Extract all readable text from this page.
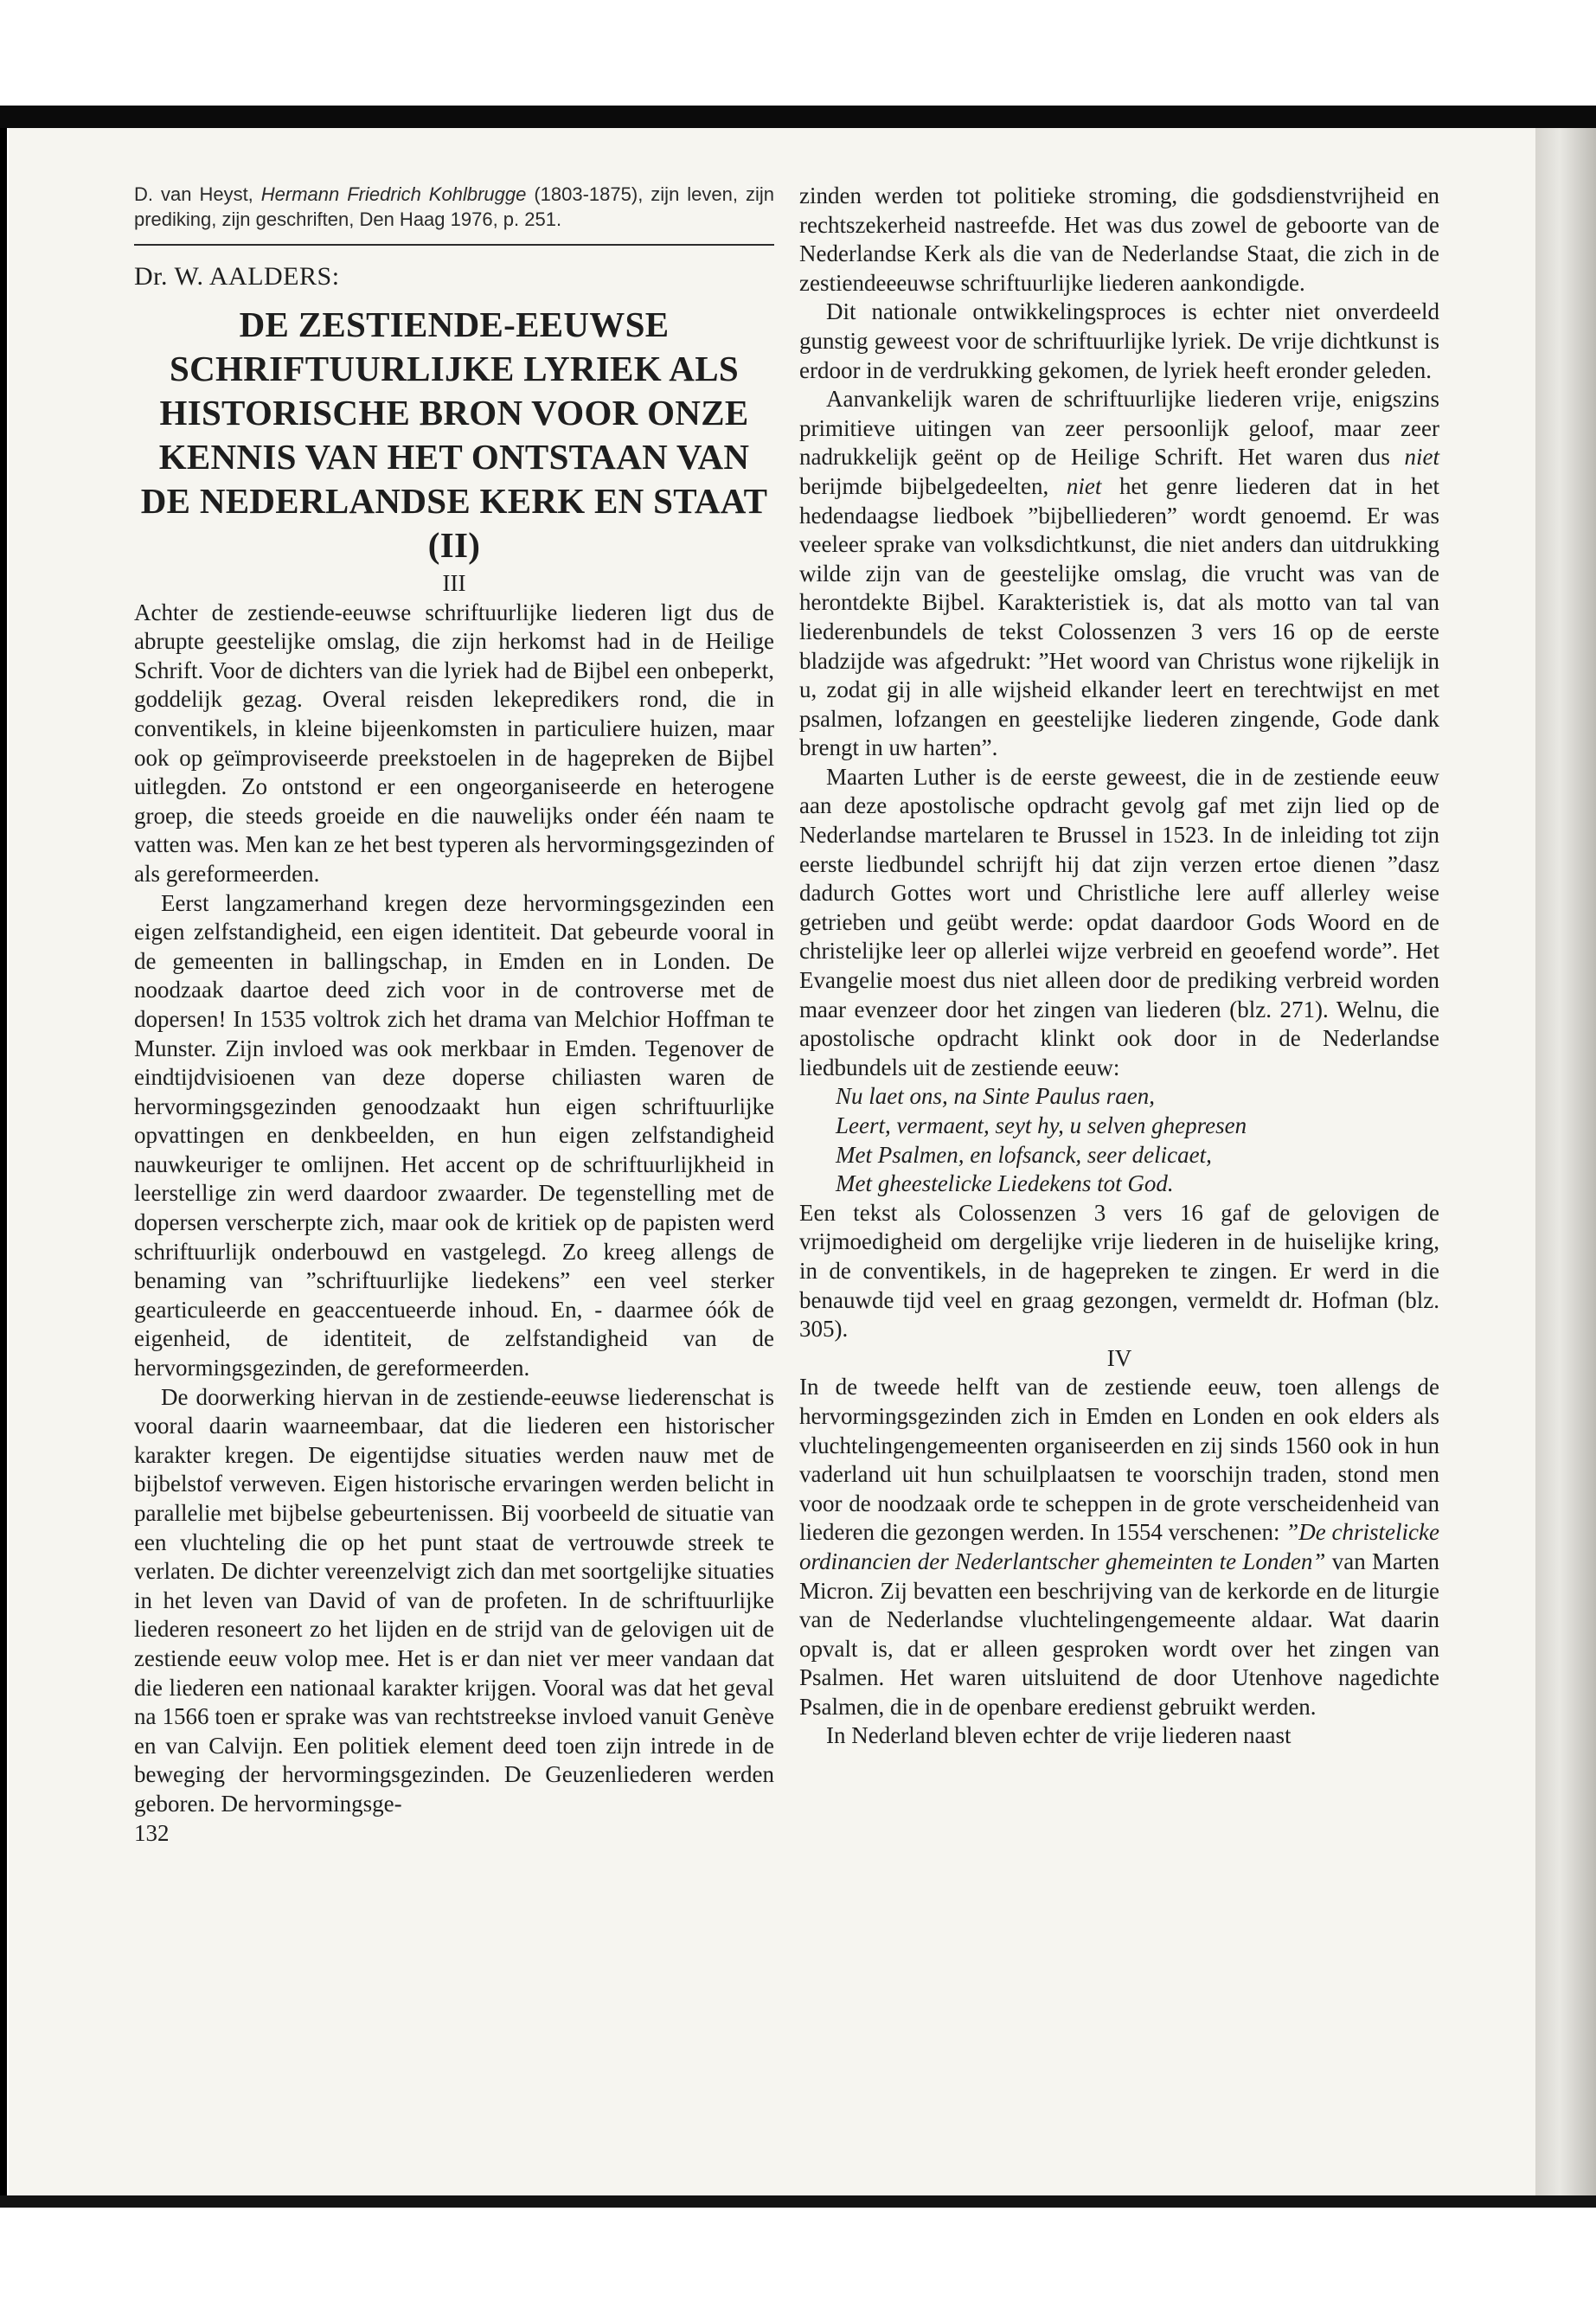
D. van Heyst, Hermann Friedrich Kohlbrugge (1803-1875), zijn leven, zijn prediking, zijn geschriften, Den Haag 1976, p. 251.

Dr. W. AALDERS:
DE ZESTIENDE-EEUWSE SCHRIFTUURLIJKE LYRIEK ALS HISTORISCHE BRON VOOR ONZE KENNIS VAN HET ONTSTAAN VAN DE NEDERLANDSE KERK EN STAAT (II)
III

Achter de zestiende-eeuwse schriftuurlijke liederen ligt dus de abrupte geestelijke omslag, die zijn herkomst had in de Heilige Schrift. Voor de dichters van die lyriek had de Bijbel een onbeperkt, goddelijk gezag. Overal reisden lekepredikers rond, die in conventikels, in kleine bijeenkomsten in particuliere huizen, maar ook op geïmproviseerde preekstoelen in de hagepreken de Bijbel uitlegden. Zo ontstond er een ongeorganiseerde en heterogene groep, die steeds groeide en die nauwelijks onder één naam te vatten was. Men kan ze het best typeren als hervormingsgezinden of als gereformeerden.

Eerst langzamerhand kregen deze hervormingsgezinden een eigen zelfstandigheid, een eigen identiteit. Dat gebeurde vooral in de gemeenten in ballingschap, in Emden en in Londen. De noodzaak daartoe deed zich voor in de controverse met de dopersen! In 1535 voltrok zich het drama van Melchior Hoffman te Munster. Zijn invloed was ook merkbaar in Emden. Tegenover de eindtijdvisioenen van deze doperse chiliasten waren de hervormingsgezinden genoodzaakt hun eigen schriftuurlijke opvattingen en denkbeelden, en hun eigen zelfstandigheid nauwkeuriger te omlijnen. Het accent op de schriftuurlijkheid in leerstellige zin werd daardoor zwaarder. De tegenstelling met de dopersen verscherpte zich, maar ook de kritiek op de papisten werd schriftuurlijk onderbouwd en vastgelegd. Zo kreeg allengs de benaming van ”schriftuurlijke liedekens” een veel sterker gearticuleerde en geaccentueerde inhoud. En, - daarmee óók de eigenheid, de identiteit, de zelfstandigheid van de hervormingsgezinden, de gereformeerden.

De doorwerking hiervan in de zestiende-eeuwse liederenschat is vooral daarin waarneembaar, dat die liederen een historischer karakter kregen. De eigentijdse situaties werden nauw met de bijbelstof verweven. Eigen historische ervaringen werden belicht in parallelie met bijbelse gebeurtenissen. Bij voorbeeld de situatie van een vluchteling die op het punt staat de vertrouwde streek te verlaten. De dichter vereenzelvigt zich dan met soortgelijke situaties in het leven van David of van de profeten. In de schriftuurlijke liederen resoneert zo het lijden en de strijd van de gelovigen uit de zestiende eeuw volop mee. Het is er dan niet ver meer vandaan dat die liederen een nationaal karakter krijgen. Vooral was dat het geval na 1566 toen er sprake was van rechtstreekse invloed vanuit Genève en van Calvijn. Een politiek element deed toen zijn intrede in de beweging der hervormingsgezinden. De Geuzenliederen werden geboren. De hervormingsge-

132

zinden werden tot politieke stroming, die godsdienstvrijheid en rechtszekerheid nastreefde. Het was dus zowel de geboorte van de Nederlandse Kerk als die van de Nederlandse Staat, die zich in de zestiendeeeuwse schriftuurlijke liederen aankondigde.

Dit nationale ontwikkelingsproces is echter niet onverdeeld gunstig geweest voor de schriftuurlijke lyriek. De vrije dichtkunst is erdoor in de verdrukking gekomen, de lyriek heeft eronder geleden.

Aanvankelijk waren de schriftuurlijke liederen vrije, enigszins primitieve uitingen van zeer persoonlijk geloof, maar zeer nadrukkelijk geënt op de Heilige Schrift. Het waren dus niet berijmde bijbelgedeelten, niet het genre liederen dat in het hedendaagse liedboek ”bijbelliederen” wordt genoemd. Er was veeleer sprake van volksdichtkunst, die niet anders dan uitdrukking wilde zijn van de geestelijke omslag, die vrucht was van de herontdekte Bijbel. Karakteristiek is, dat als motto van tal van liederenbundels de tekst Colossenzen 3 vers 16 op de eerste bladzijde was afgedrukt: ”Het woord van Christus wone rijkelijk in u, zodat gij in alle wijsheid elkander leert en terechtwijst en met psalmen, lofzangen en geestelijke liederen zingende, Gode dank brengt in uw harten”.

Maarten Luther is de eerste geweest, die in de zestiende eeuw aan deze apostolische opdracht gevolg gaf met zijn lied op de Nederlandse martelaren te Brussel in 1523. In de inleiding tot zijn eerste liedbundel schrijft hij dat zijn verzen ertoe dienen ”dasz dadurch Gottes wort und Christliche lere auff allerley weise getrieben und geübt werde: opdat daardoor Gods Woord en de christelijke leer op allerlei wijze verbreid en geoefend worde”. Het Evangelie moest dus niet alleen door de prediking verbreid worden maar evenzeer door het zingen van liederen (blz. 271). Welnu, die apostolische opdracht klinkt ook door in de Nederlandse liedbundels uit de zestiende eeuw:

Nu laet ons, na Sinte Paulus raen,
Leert, vermaent, seyt hy, u selven ghepresen
Met Psalmen, en lofsanck, seer delicaet,
Met gheestelicke Liedekens tot God.

Een tekst als Colossenzen 3 vers 16 gaf de gelovigen de vrijmoedigheid om dergelijke vrije liederen in de huiselijke kring, in de conventikels, in de hagepreken te zingen. Er werd in die benauwde tijd veel en graag gezongen, vermeldt dr. Hofman (blz. 305).

IV

In de tweede helft van de zestiende eeuw, toen allengs de hervormingsgezinden zich in Emden en Londen en ook elders als vluchtelingengemeenten organiseerden en zij sinds 1560 ook in hun vaderland uit hun schuilplaatsen te voorschijn traden, stond men voor de noodzaak orde te scheppen in de grote verscheidenheid van liederen die gezongen werden. In 1554 verschenen: ”De christelicke ordinancien der Nederlantscher ghemeinten te Londen” van Marten Micron. Zij bevatten een beschrijving van de kerkorde en de liturgie van de Nederlandse vluchtelingengemeente aldaar. Wat daarin opvalt is, dat er alleen gesproken wordt over het zingen van Psalmen. Het waren uitsluitend de door Utenhove nagedichte Psalmen, die in de openbare eredienst gebruikt werden.

In Nederland bleven echter de vrije liederen naast
